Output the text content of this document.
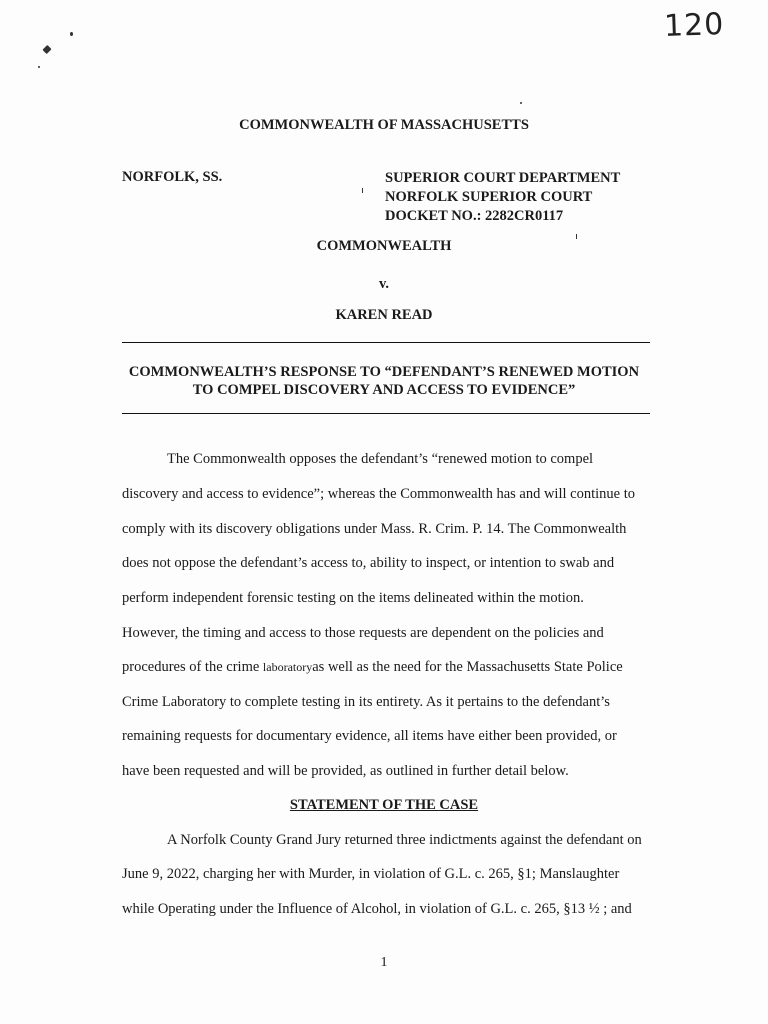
120
COMMONWEALTH OF MASSACHUSETTS
NORFOLK, SS.	SUPERIOR COURT DEPARTMENT
NORFOLK SUPERIOR COURT
DOCKET NO.: 2282CR0117
COMMONWEALTH
v.
KAREN READ
COMMONWEALTH’S RESPONSE TO “DEFENDANT’S RENEWED MOTION
TO COMPEL DISCOVERY AND ACCESS TO EVIDENCE”
The Commonwealth opposes the defendant’s “renewed motion to compel
discovery and access to evidence”; whereas the Commonwealth has and will continue to
comply with its discovery obligations under Mass. R. Crim. P. 14. The Commonwealth
does not oppose the defendant’s access to, ability to inspect, or intention to swab and
perform independent forensic testing on the items delineated within the motion.
However, the timing and access to those requests are dependent on the policies and
procedures of the crime laboratoryas well as the need for the Massachusetts State Police
Crime Laboratory to complete testing in its entirety. As it pertains to the defendant’s
remaining requests for documentary evidence, all items have either been provided, or
have been requested and will be provided, as outlined in further detail below.
STATEMENT OF THE CASE
A Norfolk County Grand Jury returned three indictments against the defendant on
June 9, 2022, charging her with Murder, in violation of G.L. c. 265, §1; Manslaughter
while Operating under the Influence of Alcohol, in violation of G.L. c. 265, §13 ½ ; and
1
